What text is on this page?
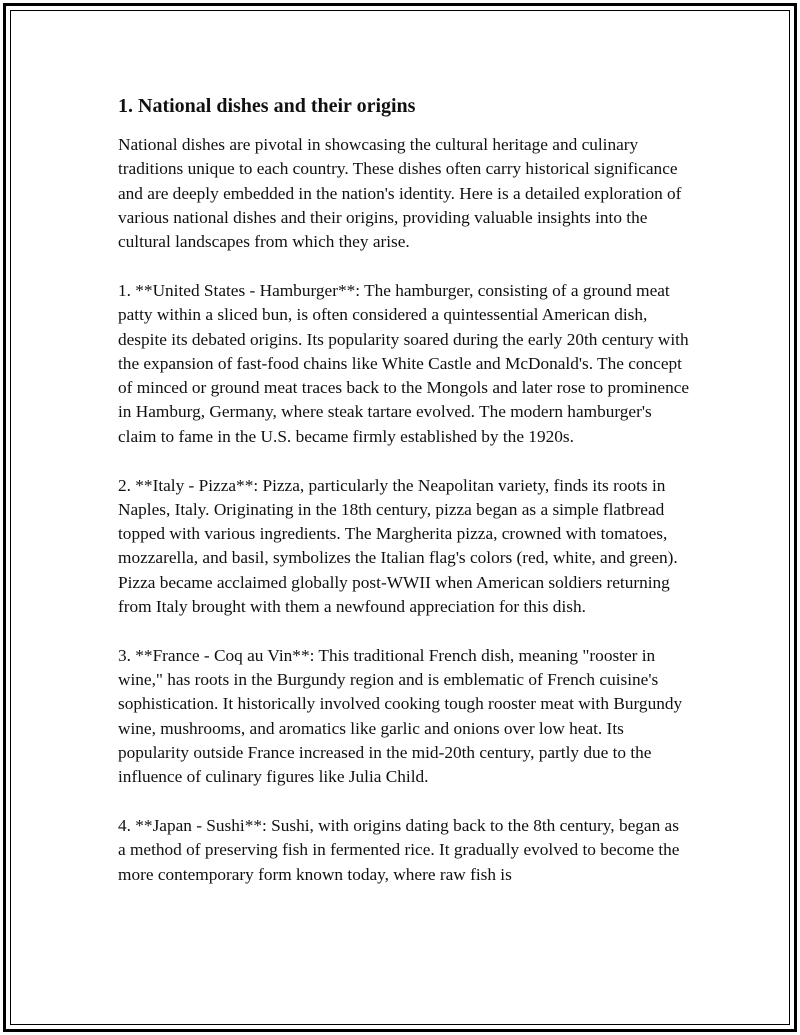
1. National dishes and their origins

National dishes are pivotal in showcasing the cultural heritage and culinary traditions unique to each country. These dishes often carry historical significance and are deeply embedded in the nation's identity. Here is a detailed exploration of various national dishes and their origins, providing valuable insights into the cultural landscapes from which they arise.

1. **United States - Hamburger**: The hamburger, consisting of a ground meat patty within a sliced bun, is often considered a quintessential American dish, despite its debated origins. Its popularity soared during the early 20th century with the expansion of fast-food chains like White Castle and McDonald's. The concept of minced or ground meat traces back to the Mongols and later rose to prominence in Hamburg, Germany, where steak tartare evolved. The modern hamburger's claim to fame in the U.S. became firmly established by the 1920s.

2. **Italy - Pizza**: Pizza, particularly the Neapolitan variety, finds its roots in Naples, Italy. Originating in the 18th century, pizza began as a simple flatbread topped with various ingredients. The Margherita pizza, crowned with tomatoes, mozzarella, and basil, symbolizes the Italian flag's colors (red, white, and green). Pizza became acclaimed globally post-WWII when American soldiers returning from Italy brought with them a newfound appreciation for this dish.

3. **France - Coq au Vin**: This traditional French dish, meaning "rooster in wine," has roots in the Burgundy region and is emblematic of French cuisine's sophistication. It historically involved cooking tough rooster meat with Burgundy wine, mushrooms, and aromatics like garlic and onions over low heat. Its popularity outside France increased in the mid-20th century, partly due to the influence of culinary figures like Julia Child.

4. **Japan - Sushi**: Sushi, with origins dating back to the 8th century, began as a method of preserving fish in fermented rice. It gradually evolved to become the more contemporary form known today, where raw fish is
